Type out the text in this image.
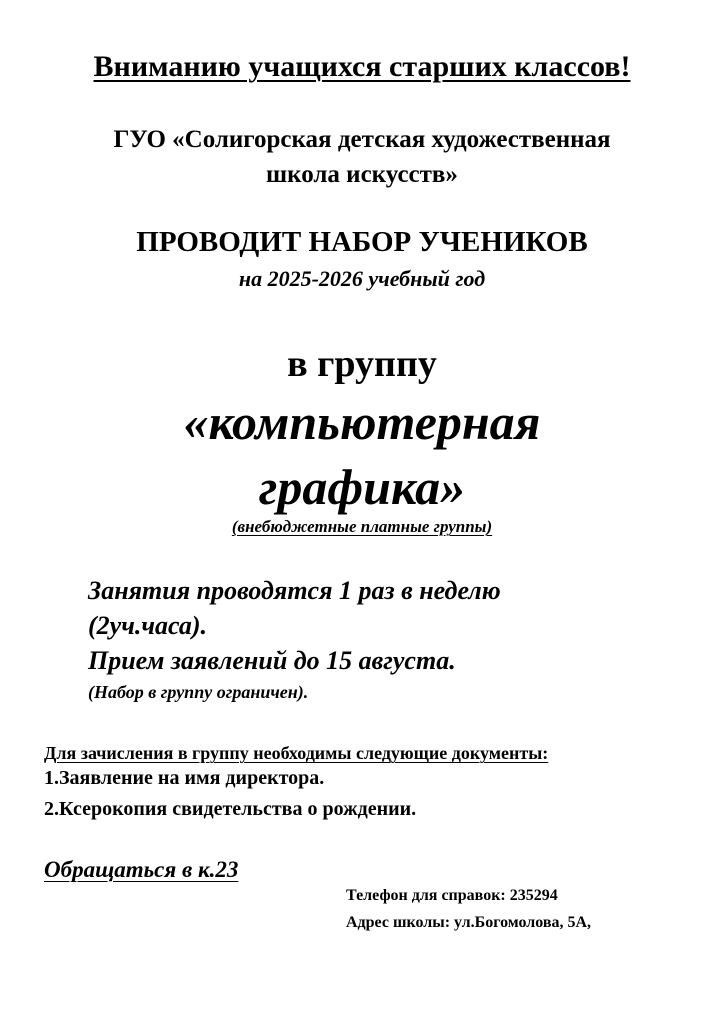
Вниманию учащихся старших классов!
ГУО «Солигорская детская художественная
школа искусств»
ПРОВОДИТ НАБОР УЧЕНИКОВ
на 2025-2026 учебный год
в группу
«компьютерная
графика»
(внебюджетные платные группы)
Занятия проводятся 1 раз в неделю
(2уч.часа).
Прием заявлений до 15 августа.
(Набор в группу ограничен).
Для зачисления в группу необходимы следующие документы:
1.Заявление на имя директора.
2.Ксерокопия свидетельства о рождении.
Обращаться в к.23
Телефон для справок: 235294
Адрес школы: ул.Богомолова, 5А,
